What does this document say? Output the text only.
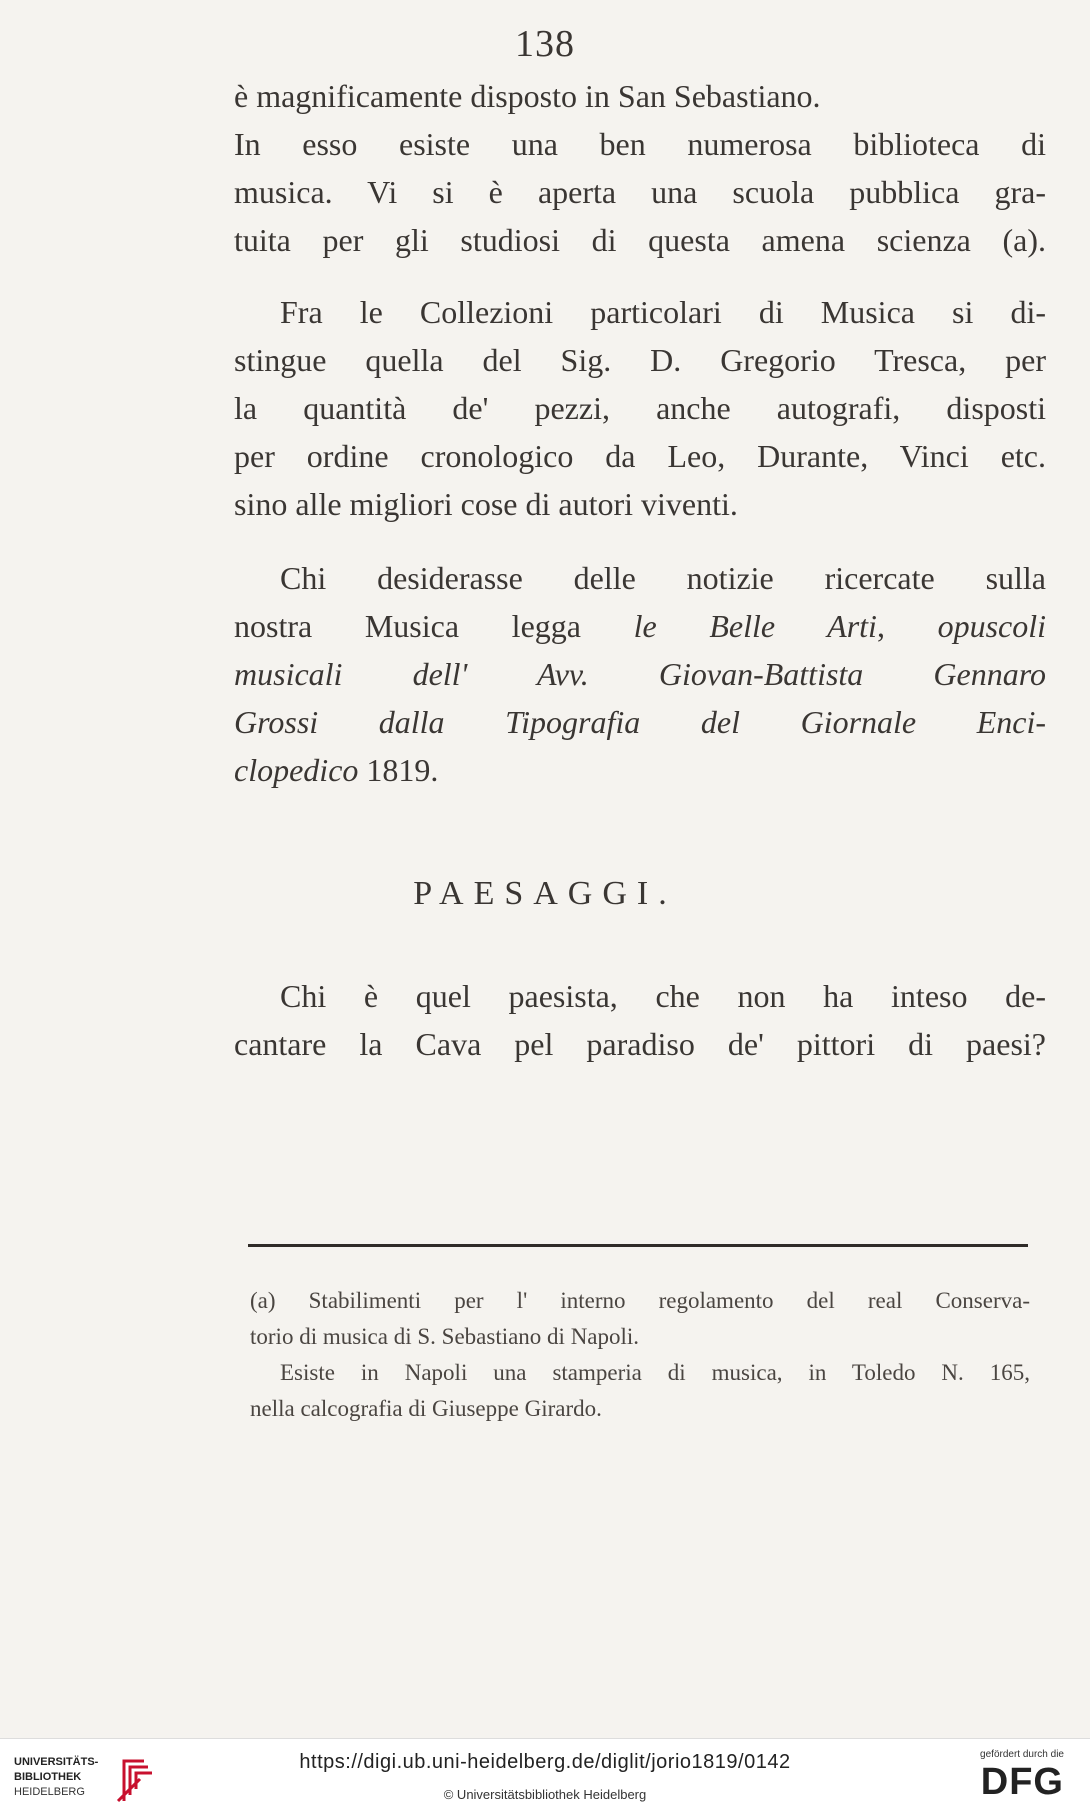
138
è magnificamente disposto in San Sebastiano.
In esso esiste una ben numerosa biblioteca di
musica. Vi si è aperta una scuola pubblica gra-
tuita per gli studiosi di questa amena scienza (a).
Fra le Collezioni particolari di Musica si di-
stingue quella del Sig. D. Gregorio Tresca, per
la quantità de' pezzi, anche autografi, disposti
per ordine cronologico da Leo, Durante, Vinci etc.
sino alle migliori cose di autori viventi.
Chi desiderasse delle notizie ricercate sulla
nostra Musica legga le Belle Arti, opuscoli
musicali dell' Avv. Giovan-Battista Gennaro
Grossi dalla Tipografia del Giornale Enci-
clopedico 1819.
PAESAGGI.
Chi è quel paesista, che non ha inteso de-
cantare la Cava pel paradiso de' pittori di paesi?
(a) Stabilimenti per l' interno regolamento del real Conserva-
torio di musica di S. Sebastiano di Napoli.
Esiste in Napoli una stamperia di musica, in Toledo N. 165,
nella calcografia di Giuseppe Girardo.
UNIVERSITÄTS-
BIBLIOTHEK
HEIDELBERG
https://digi.ub.uni-heidelberg.de/diglit/jorio1819/0142
© Universitätsbibliothek Heidelberg
gefördert durch die
DFG
